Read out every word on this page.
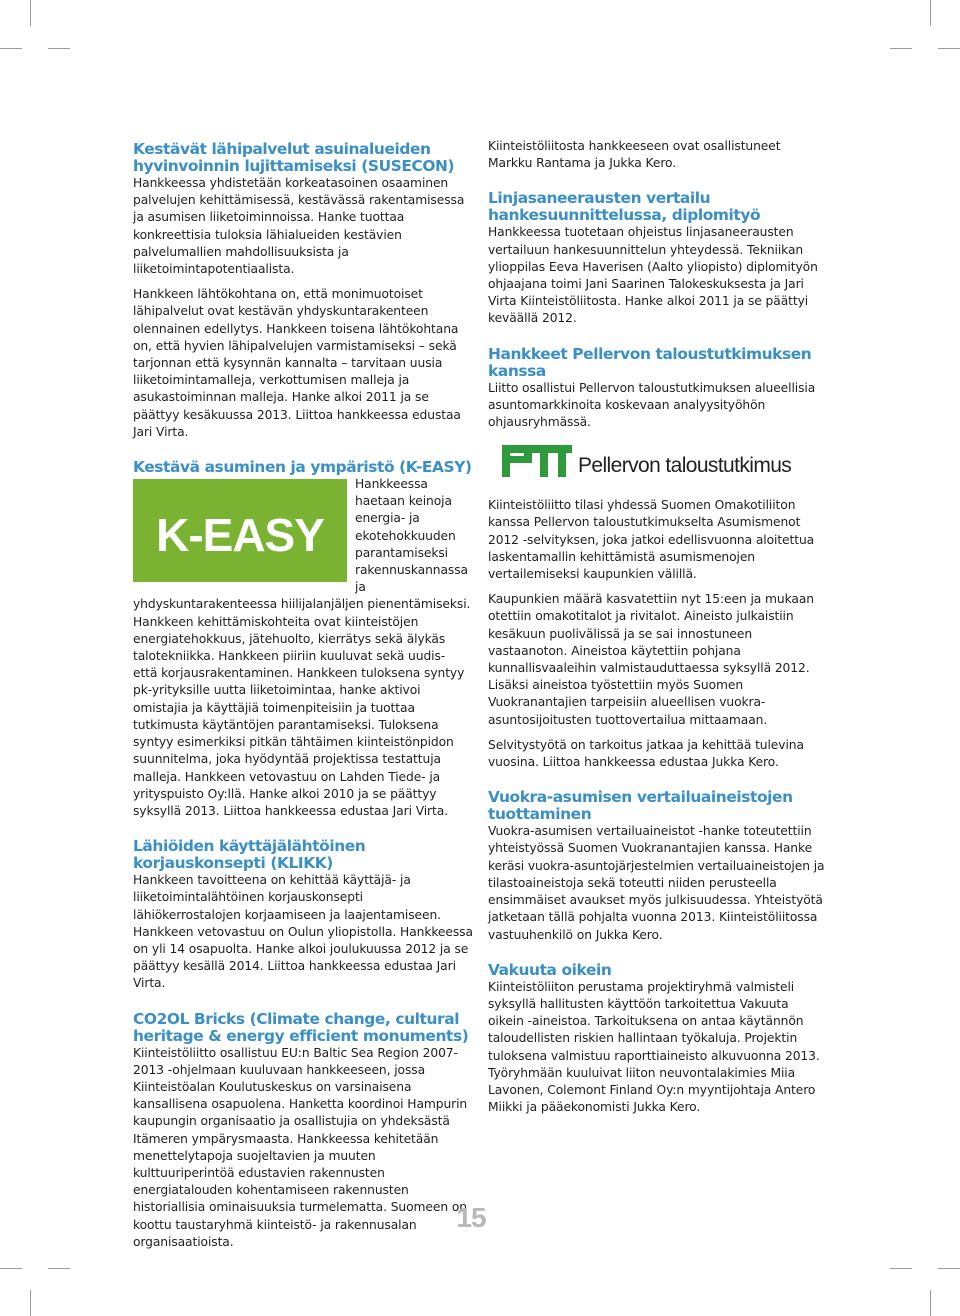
Kestävät lähipalvelut asuinalueiden hyvinvoinnin lujittamiseksi (SUSECON)

Hankkeessa yhdistetään korkeatasoinen osaaminen palvelujen kehittämisessä, kestävässä rakentamisessa ja asumisen liiketoiminnoissa. Hanke tuottaa konkreettisia tuloksia lähialueiden kestävien palvelumallien mahdollisuuksista ja liiketoimintapotentiaalista.

Hankkeen lähtökohtana on, että monimuotoiset lähipalvelut ovat kestävän yhdyskuntarakenteen olennainen edellytys. Hankkeen toisena lähtökohtana on, että hyvien lähipalvelujen varmistamiseksi – sekä tarjonnan että kysynnän kannalta – tarvitaan uusia liiketoimintamalleja, verkottumisen malleja ja asukastoiminnan malleja. Hanke alkoi 2011 ja se päättyy kesäkuussa 2013. Liittoa hankkeessa edustaa Jari Virta.

Kestävä asuminen ja ympäristö (K-EASY)
K-EASY

Hankkeessa haetaan keinoja energia- ja ekotehokkuuden parantamiseksi rakennuskannassa ja yhdyskuntarakenteessa hiilijalanjäljen pienentämiseksi. Hankkeen kehittämiskohteita ovat kiinteistöjen energiatehokkuus, jätehuolto, kierrätys sekä älykäs talotekniikka. Hankkeen piiriin kuuluvat sekä uudis- että korjausrakentaminen. Hankkeen tuloksena syntyy pk-yrityksille uutta liiketoimintaa, hanke aktivoi omistajia ja käyttäjiä toimenpiteisiin ja tuottaa tutkimusta käytäntöjen parantamiseksi. Tuloksena syntyy esimerkiksi pitkän tähtäimen kiinteistönpidon suunnitelma, joka hyödyntää projektissa testattuja malleja. Hankkeen vetovastuu on Lahden Tiede- ja yrityspuisto Oy:llä. Hanke alkoi 2010 ja se päättyy syksyllä 2013. Liittoa hankkeessa edustaa Jari Virta.

Lähiöiden käyttäjälähtöinen korjauskonsepti (KLIKK)

Hankkeen tavoitteena on kehittää käyttäjä- ja liiketoimintalähtöinen korjauskonsepti lähiökerrostalojen korjaamiseen ja laajentamiseen. Hankkeen vetovastuu on Oulun yliopistolla. Hankkeessa on yli 14 osapuolta. Hanke alkoi joulukuussa 2012 ja se päättyy kesällä 2014. Liittoa hankkeessa edustaa Jari Virta.

CO2OL Bricks (Climate change, cultural heritage & energy efficient monuments)

Kiinteistöliitto osallistuu EU:n Baltic Sea Region 2007-2013 -ohjelmaan kuuluvaan hankkeeseen, jossa Kiinteistöalan Koulutuskeskus on varsinaisena kansallisena osapuolena. Hanketta koordinoi Hampurin kaupungin organisaatio ja osallistujia on yhdeksästä Itämeren ympärysmaasta. Hankkeessa kehitetään menettelytapoja suojeltavien ja muuten kulttuuriperintöä edustavien rakennusten energiatalouden kohentamiseen rakennusten historiallisia ominaisuuksia turmelematta. Suomeen on koottu taustaryhmä kiinteistö- ja rakennusalan organisaatioista.

Kiinteistöliitosta hankkeeseen ovat osallistuneet Markku Rantama ja Jukka Kero.

Linjasaneerausten vertailu hankesuunnittelussa, diplomityö

Hankkeessa tuotetaan ohjeistus linjasaneerausten vertailuun hankesuunnittelun yhteydessä. Tekniikan ylioppilas Eeva Haverisen (Aalto yliopisto) diplomityön ohjaajana toimi Jani Saarinen Talokeskuksesta ja Jari Virta Kiinteistöliitosta. Hanke alkoi 2011 ja se päättyi keväällä 2012.

Hankkeet Pellervon taloustutkimuksen kanssa

Liitto osallistui Pellervon taloustutkimuksen alueellisia asuntomarkkinoita koskevaan analyysityöhön ohjausryhmässä.

Pellervon taloustutkimus

Kiinteistöliitto tilasi yhdessä Suomen Omakotiliiton kanssa Pellervon taloustutkimukselta Asumismenot 2012 -selvityksen, joka jatkoi edellisvuonna aloitettua laskentamallin kehittämistä asumismenojen vertailemiseksi kaupunkien välillä.

Kaupunkien määrä kasvatettiin nyt 15:een ja mukaan otettiin omakotitalot ja rivitalot. Aineisto julkaistiin kesäkuun puolivälissä ja se sai innostuneen vastaanoton. Aineistoa käytettiin pohjana kunnallisvaaleihin valmistauduttaessa syksyllä 2012. Lisäksi aineistoa työstettiin myös Suomen Vuokranantajien tarpeisiin alueellisen vuokra-asuntosijoitusten tuottovertailua mittaamaan.

Selvitystyötä on tarkoitus jatkaa ja kehittää tulevina vuosina. Liittoa hankkeessa edustaa Jukka Kero.

Vuokra-asumisen vertailuaineistojen tuottaminen

Vuokra-asumisen vertailuaineistot -hanke toteutettiin yhteistyössä Suomen Vuokranantajien kanssa. Hanke keräsi vuokra-asuntojärjestelmien vertailuaineistojen ja tilastoaineistoja sekä toteutti niiden perusteella ensimmäiset avaukset myös julkisuudessa. Yhteistyötä jatketaan tällä pohjalta vuonna 2013. Kiinteistöliitossa vastuuhenkilö on Jukka Kero.

Vakuuta oikein

Kiinteistöliiton perustama projektiryhmä valmisteli syksyllä hallitusten käyttöön tarkoitettua Vakuuta oikein -aineistoa. Tarkoituksena on antaa käytännön taloudellisten riskien hallintaan työkaluja. Projektin tuloksena valmistuu raporttiaineisto alkuvuonna 2013. Työryhmään kuuluivat liiton neuvontalakimies Miia Lavonen, Colemont Finland Oy:n myyntijohtaja Antero Miikki ja pääekonomisti Jukka Kero.

15
